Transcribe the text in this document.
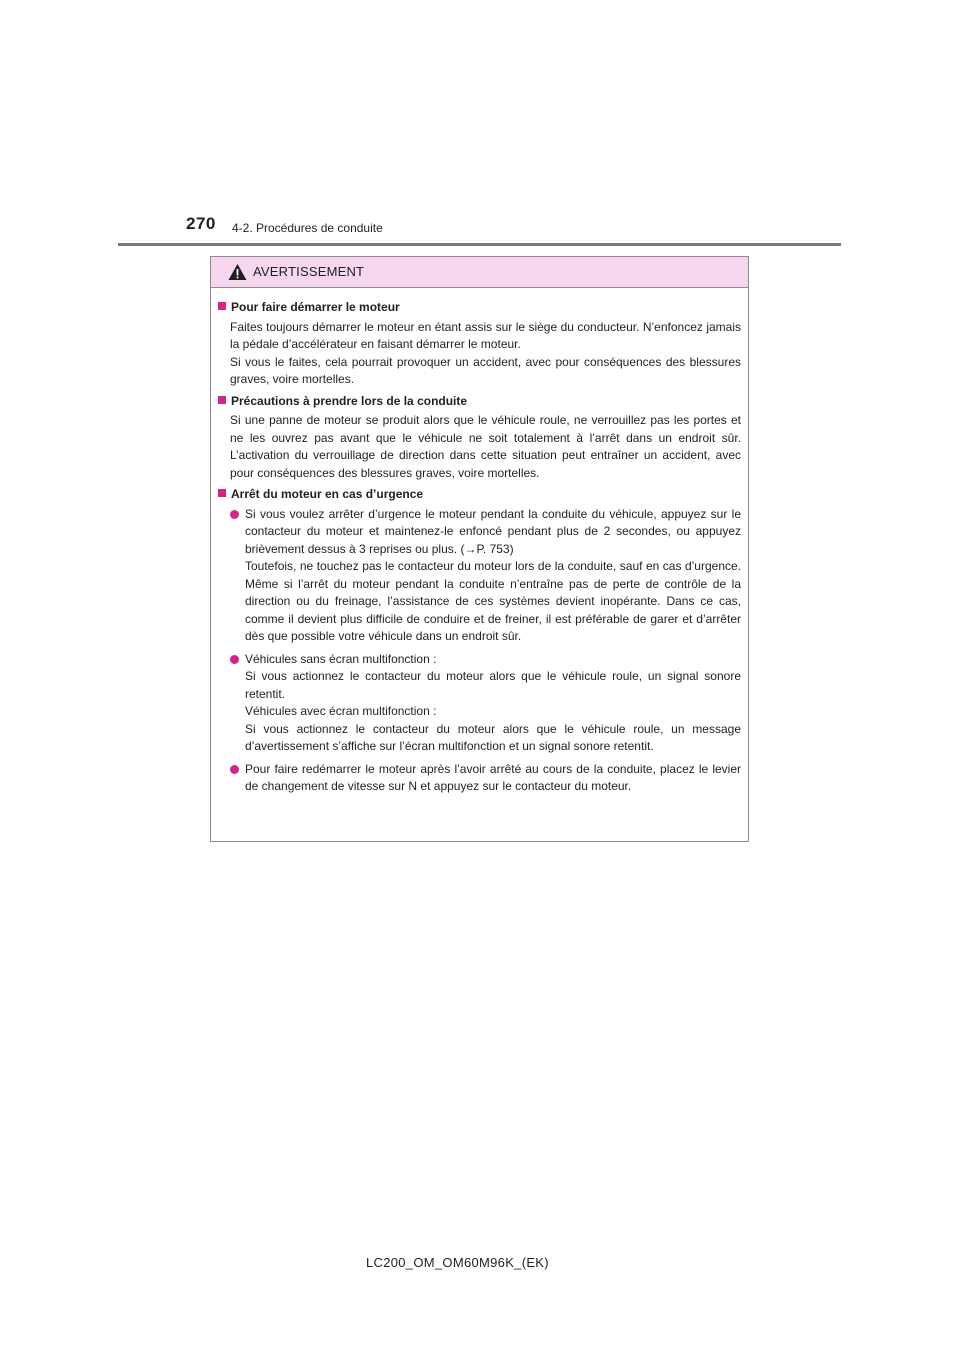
270 4-2. Procédures de conduite
AVERTISSEMENT
Pour faire démarrer le moteur
Faites toujours démarrer le moteur en étant assis sur le siège du conducteur. N’enfoncez jamais la pédale d’accélérateur en faisant démarrer le moteur.
Si vous le faites, cela pourrait provoquer un accident, avec pour conséquences des blessures graves, voire mortelles.
Précautions à prendre lors de la conduite
Si une panne de moteur se produit alors que le véhicule roule, ne verrouillez pas les portes et ne les ouvrez pas avant que le véhicule ne soit totalement à l’arrêt dans un endroit sûr. L’activation du verrouillage de direction dans cette situation peut entraîner un accident, avec pour conséquences des blessures graves, voire mortelles.
Arrêt du moteur en cas d’urgence
Si vous voulez arrêter d’urgence le moteur pendant la conduite du véhicule, appuyez sur le contacteur du moteur et maintenez-le enfoncé pendant plus de 2 secondes, ou appuyez brièvement dessus à 3 reprises ou plus. (→P. 753)
Toutefois, ne touchez pas le contacteur du moteur lors de la conduite, sauf en cas d’urgence. Même si l’arrêt du moteur pendant la conduite n’entraîne pas de perte de contrôle de la direction ou du freinage, l’assistance de ces systèmes devient inopérante. Dans ce cas, comme il devient plus difficile de conduire et de freiner, il est préférable de garer et d’arrêter dès que possible votre véhicule dans un endroit sûr.
Véhicules sans écran multifonction :
Si vous actionnez le contacteur du moteur alors que le véhicule roule, un signal sonore retentit.
Véhicules avec écran multifonction :
Si vous actionnez le contacteur du moteur alors que le véhicule roule, un message d’avertissement s’affiche sur l’écran multifonction et un signal sonore retentit.
Pour faire redémarrer le moteur après l’avoir arrêté au cours de la conduite, placez le levier de changement de vitesse sur N et appuyez sur le contacteur du moteur.
LC200_OM_OM60M96K_(EK)
